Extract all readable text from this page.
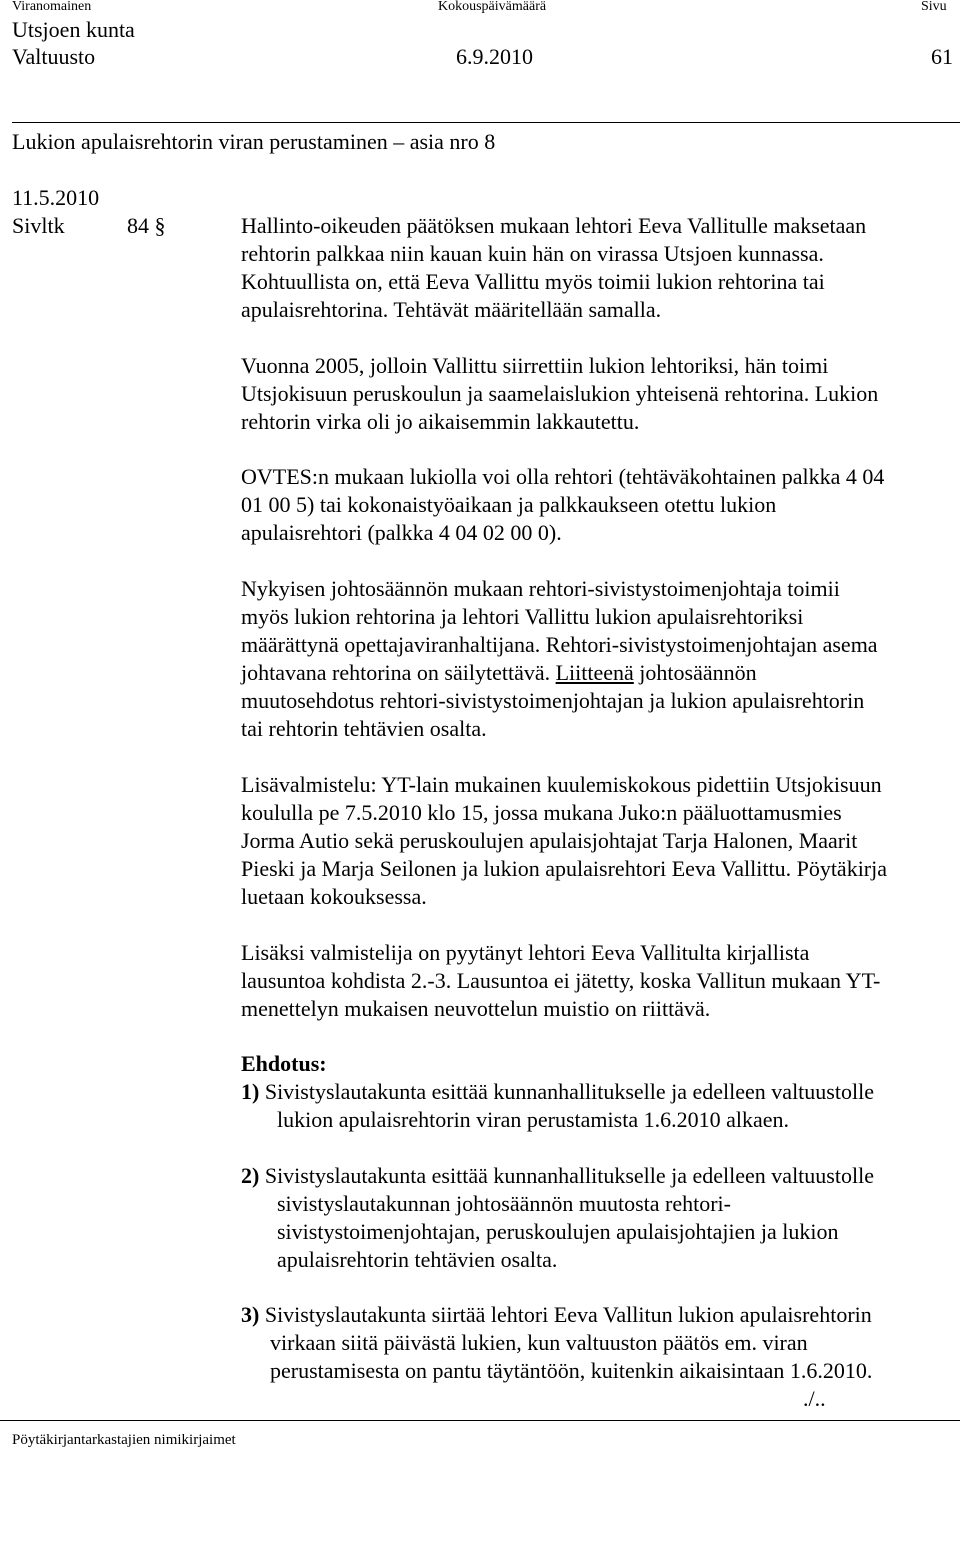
Viranomainen	Kokouspäivämäärä	Sivu
Utsjoen kunta
Valtuusto	6.9.2010	61
Lukion apulaisrehtorin viran perustaminen – asia nro 8
11.5.2010
Sivltk	84 §	Hallinto-oikeuden päätöksen mukaan lehtori Eeva Vallitulle maksetaan
rehtorin palkkaa niin kauan kuin hän on virassa Utsjoen kunnassa.
Kohtuullista on, että Eeva Vallittu myös toimii lukion rehtorina tai
apulaisrehtorina. Tehtävät määritellään samalla.
Vuonna 2005, jolloin Vallittu siirrettiin lukion lehtoriksi, hän toimi
Utsjokisuun peruskoulun ja saamelaislukion yhteisenä rehtorina. Lukion
rehtorin virka oli jo aikaisemmin lakkautettu.
OVTES:n mukaan lukiolla voi olla rehtori (tehtäväkohtainen palkka 4 04
01 00 5) tai kokonaistyöaikaan ja palkkaukseen otettu lukion
apulaisrehtori (palkka 4 04 02 00 0).
Nykyisen johtosäännön mukaan rehtori-sivistystoimenjohtaja toimii
myös lukion rehtorina ja lehtori Vallittu lukion apulaisrehtoriksi
määrättynä opettajaviranhaltijana. Rehtori-sivistystoimenjohtajan asema
johtavana rehtorina on säilytettävä. Liitteenä johtosäännön
muutosehdotus rehtori-sivistystoimenjohtajan ja lukion apulaisrehtorin
tai rehtorin tehtävien osalta.
Lisävalmistelu: YT-lain mukainen kuulemiskokous pidettiin Utsjokisuun
koululla pe 7.5.2010 klo 15, jossa mukana Juko:n pääluottamusmies
Jorma Autio sekä peruskoulujen apulaisjohtajat Tarja Halonen, Maarit
Pieski ja Marja Seilonen ja lukion apulaisrehtori Eeva Vallittu. Pöytäkirja
luetaan kokouksessa.
Lisäksi valmistelija on pyytänyt lehtori Eeva Vallitulta kirjallista
lausuntoa kohdista 2.-3. Lausuntoa ei jätetty, koska Vallitun mukaan YT-
menettelyn mukaisen neuvottelun muistio on riittävä.
Ehdotus:
1) Sivistyslautakunta esittää kunnanhallitukselle ja edelleen valtuustolle
lukion apulaisrehtorin viran perustamista 1.6.2010 alkaen.
2) Sivistyslautakunta esittää kunnanhallitukselle ja edelleen valtuustolle
sivistyslautakunnan johtosäännön muutosta rehtori-
sivistystoimenjohtajan, peruskoulujen apulaisjohtajien ja lukion
apulaisrehtorin tehtävien osalta.
3) Sivistyslautakunta siirtää lehtori Eeva Vallitun lukion apulaisrehtorin
virkaan siitä päivästä lukien, kun valtuuston päätös em. viran
perustamisesta on pantu täytäntöön, kuitenkin aikaisintaan 1.6.2010.
./..
Pöytäkirjantarkastajien nimikirjaimet
